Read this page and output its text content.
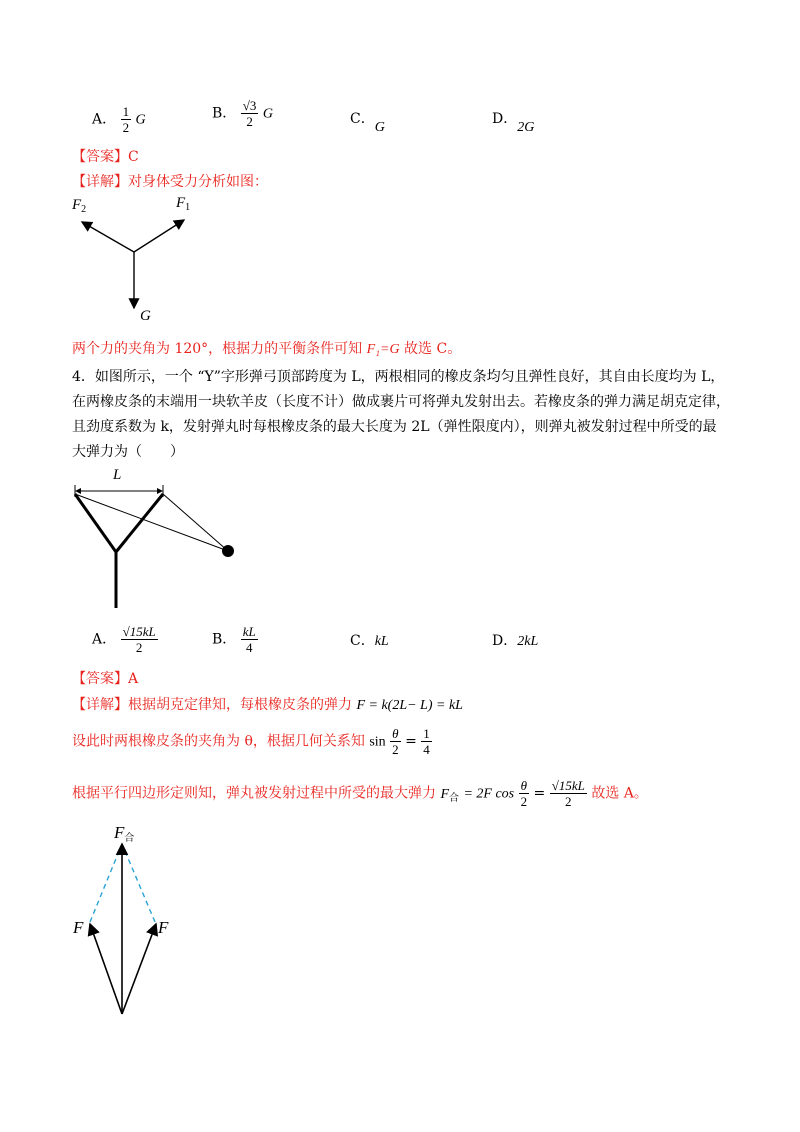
A． $\frac{1}{2}$ G	B． $\frac{√3}{2}$ G	C．G
D．2G
【答案】C
【详解】对身体受力分析如图：
$F_2$	$F_1$
G
两个力的夹角为 120°，根据力的平衡条件可知 F₁=G 故选 C。
4．如图所示，一个 “Y”字形弹弓顶部跨度为 L，两根相同的橡皮条均匀且弹性良好，其自由长度均为 L，
在两橡皮条的末端用一块软羊皮（长度不计）做成裹片可将弹丸发射出去。若橡皮条的弹力满足胡克定律，
且劲度系数为 k，发射弹丸时每根橡皮条的最大长度为 2L（弹性限度内），则弹丸被发射过程中所受的最
大弹力为（　　）
L
A． $\frac{√15kL}{2}$	B． $\frac{kL}{4}$	C．kL	D．2kL
【答案】A
【详解】根据胡克定律知，每根橡皮条的弹力 F = k(2L− L) = kL
设此时两根橡皮条的夹角为 θ，根据几何关系知 $\sin \frac{\theta}{2} = \frac{1}{4}$
根据平行四边形定则知，弹丸被发射过程中所受的最大弹力 $F_合 = 2F$ $\cos \frac{\theta}{2} = \frac{√15kL}{2}$ 故选 A。
$F_合$
F	F
